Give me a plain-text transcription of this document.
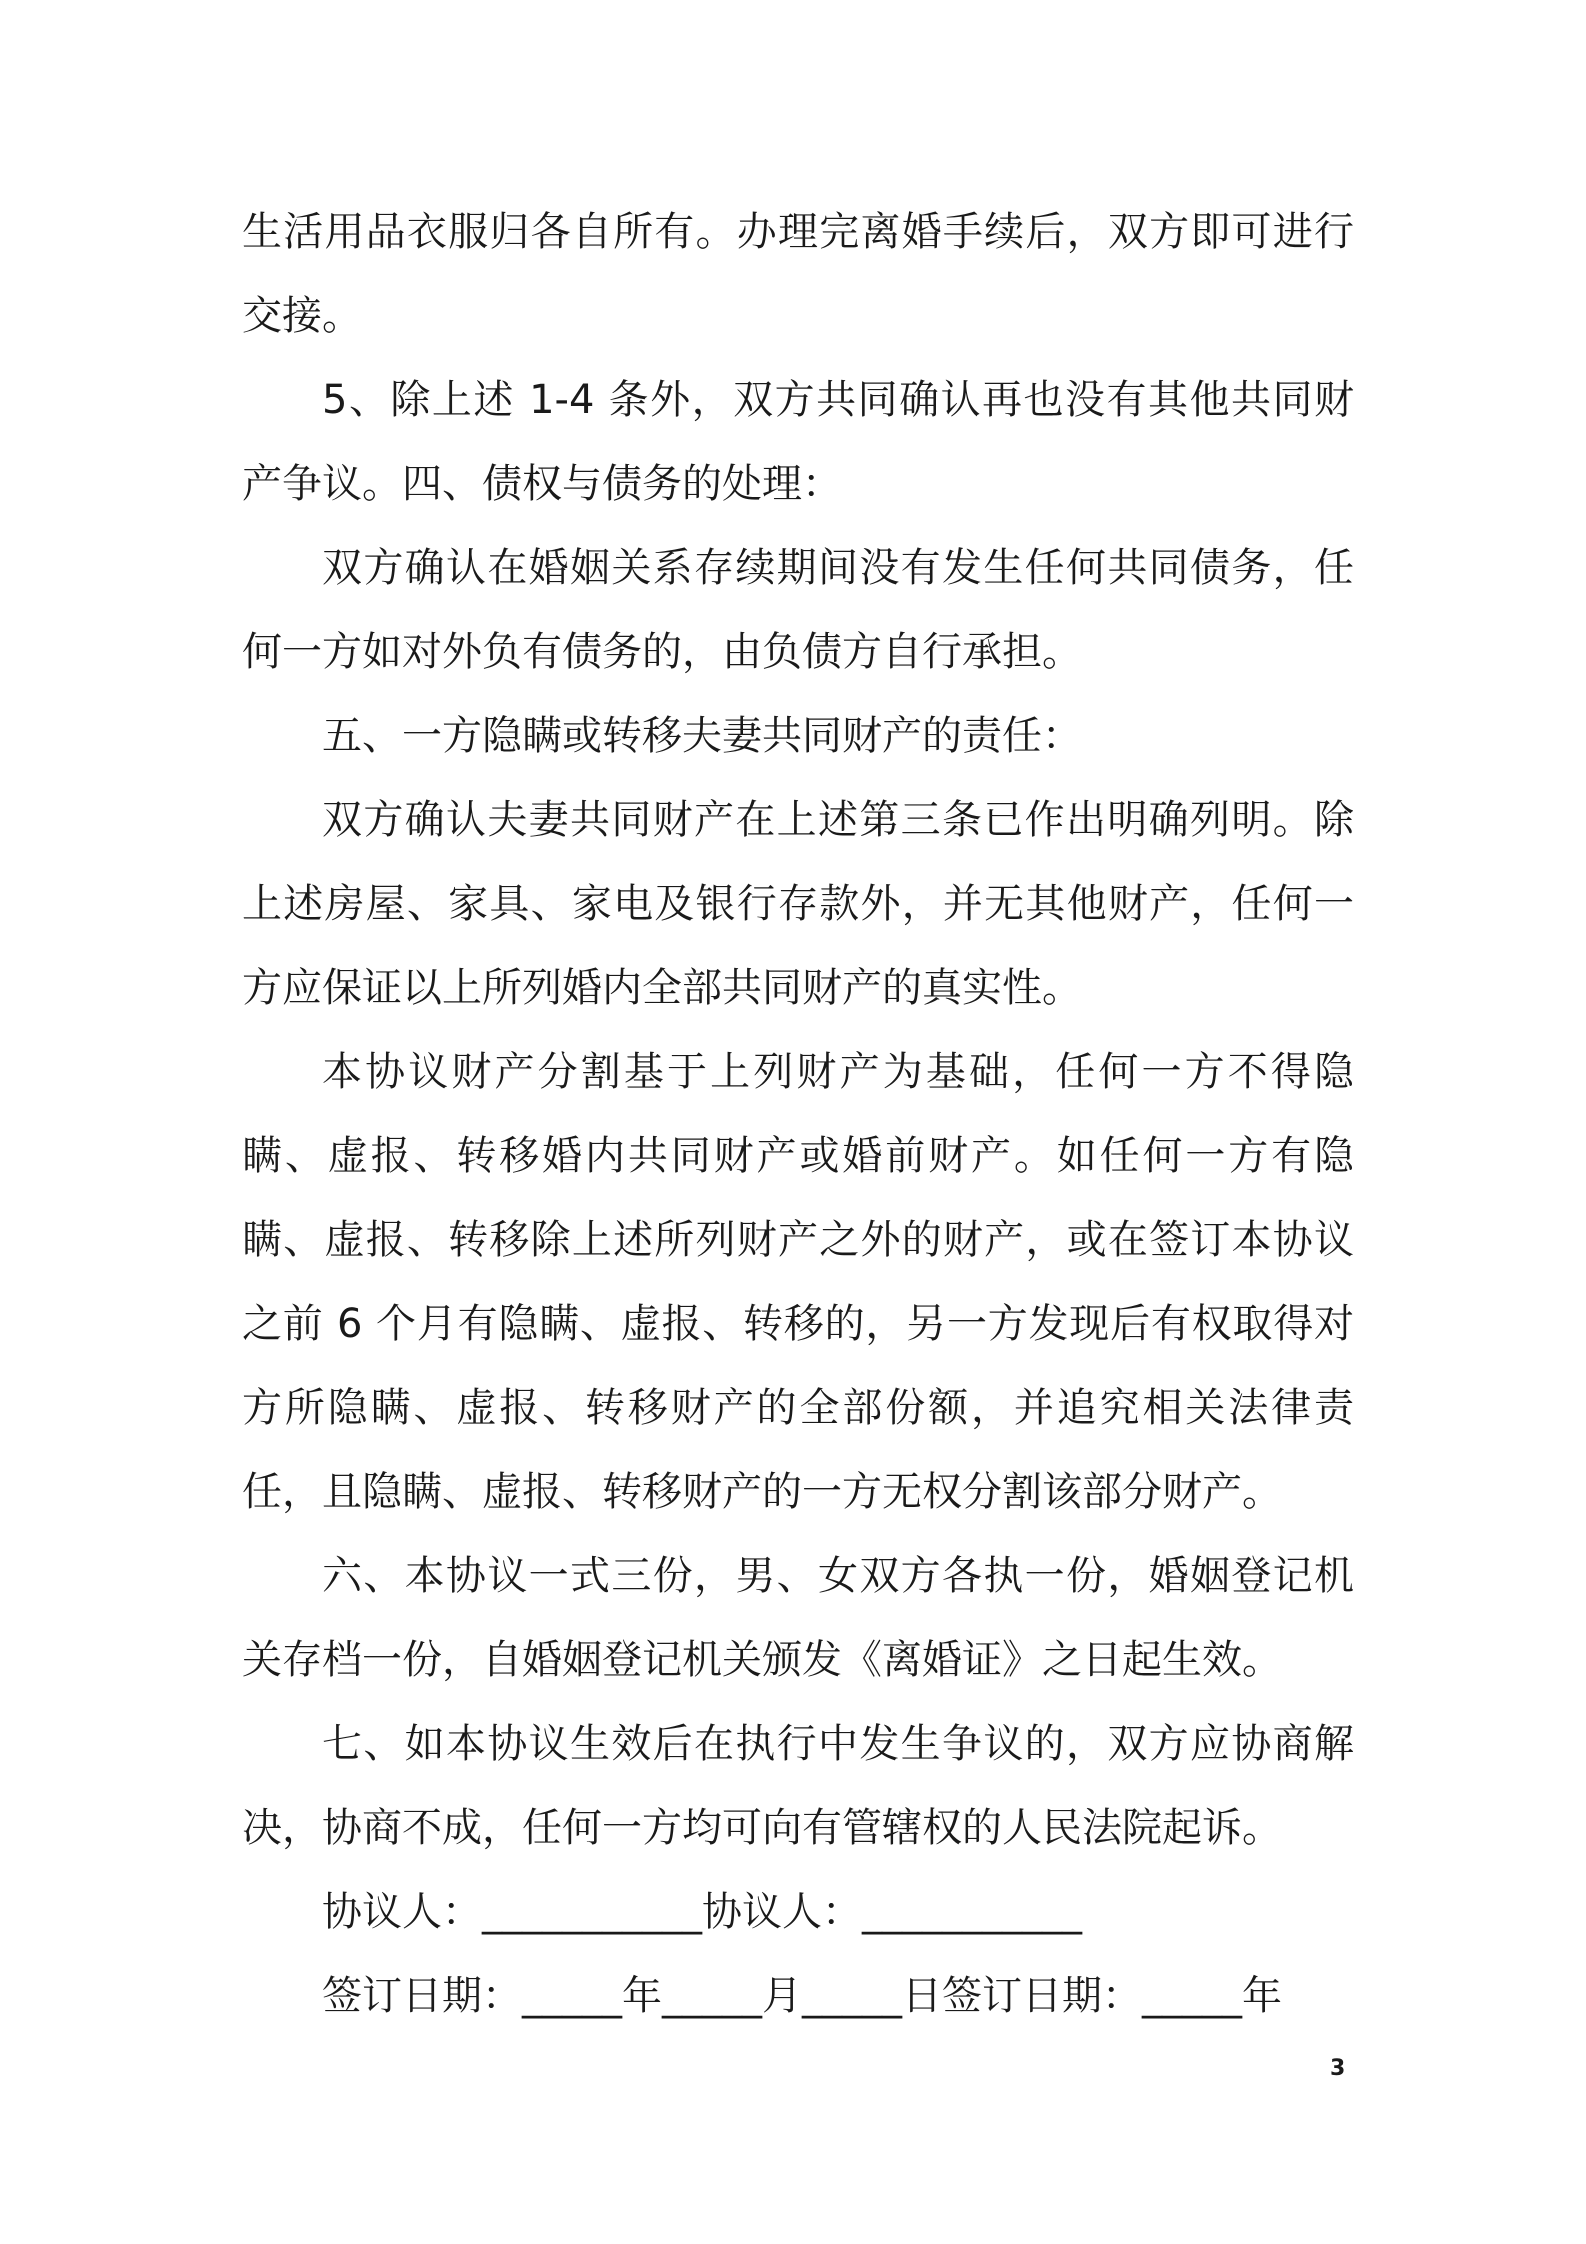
生活用品衣服归各自所有。办理完离婚手续后，双方即可进行交接。

5、除上述 1-4 条外，双方共同确认再也没有其他共同财产争议。四、债权与债务的处理：

双方确认在婚姻关系存续期间没有发生任何共同债务，任何一方如对外负有债务的，由负债方自行承担。

五、一方隐瞒或转移夫妻共同财产的责任：

双方确认夫妻共同财产在上述第三条已作出明确列明。除上述房屋、家具、家电及银行存款外，并无其他财产，任何一方应保证以上所列婚内全部共同财产的真实性。

本协议财产分割基于上列财产为基础，任何一方不得隐瞒、虚报、转移婚内共同财产或婚前财产。如任何一方有隐瞒、虚报、转移除上述所列财产之外的财产，或在签订本协议之前 6 个月有隐瞒、虚报、转移的，另一方发现后有权取得对方所隐瞒、虚报、转移财产的全部份额，并追究相关法律责任，且隐瞒、虚报、转移财产的一方无权分割该部分财产。

六、本协议一式三份，男、女双方各执一份，婚姻登记机关存档一份，自婚姻登记机关颁发《离婚证》之日起生效。

七、如本协议生效后在执行中发生争议的，双方应协商解决，协商不成，任何一方均可向有管辖权的人民法院起诉。

协议人：___________协议人：___________

签订日期：_____年_____月_____日签订日期：_____年

3
